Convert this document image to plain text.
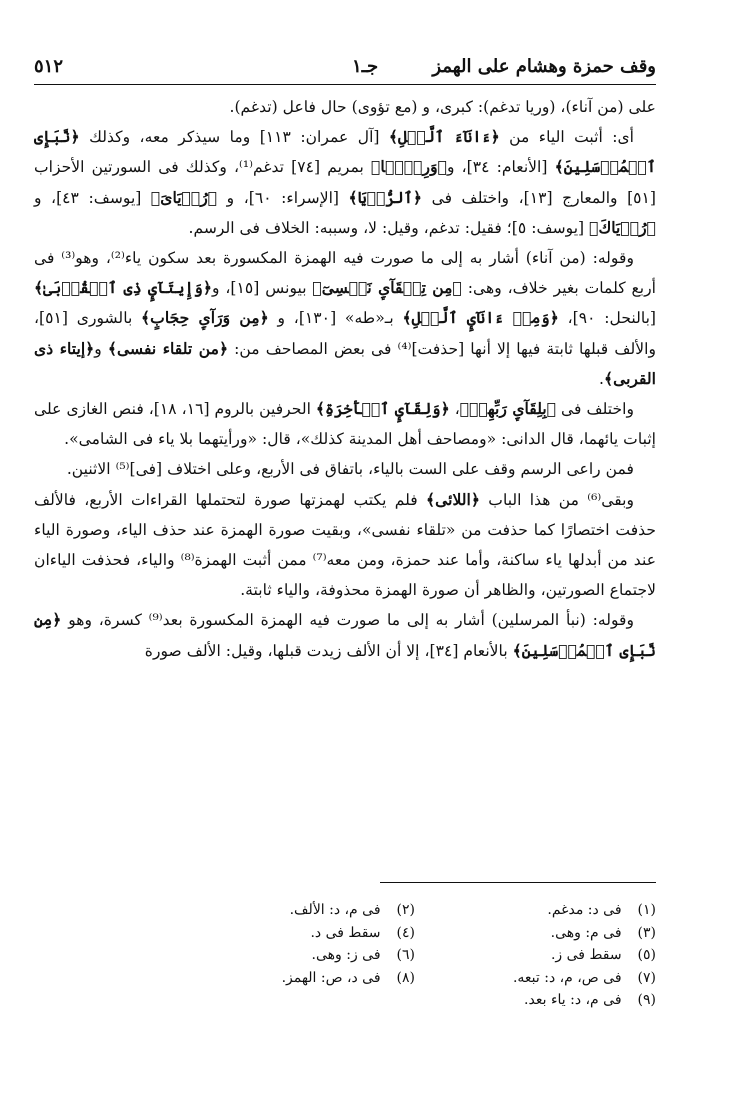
وقف حمزة وهشام على الهمز
جـ١
٥١٢

على (من آناء)، (وريا تدغم): كبرى، و (مع تؤوى) حال فاعل (تدغم).

أى: أثبت الياء من ﴿ءَانَآءَ ٱلَّيۡلِ﴾ [آل عمران: ١١٣] وما سيذكر معه، وكذلك ﴿نَّبَإِی ٱلۡمُرۡسَلِینَ﴾ [الأنعام: ٣٤]، و﴿وَرِءۡیࣰا﴾ بمريم [٧٤] تدغم⁽¹⁾، وكذلك فى السورتين الأحزاب [٥١] والمعارج [١٣]، واختلف فى ﴿ٱلرُّءۡیَا﴾ [الإسراء: ٦٠]، و ﴿رُءۡیَایَ﴾ [يوسف: ٤٣]، و ﴿رُءۡیَاكَ﴾ [يوسف: ٥]؛ فقيل: تدغم، وقيل: لا، وسببه: الخلاف فى الرسم.

وقوله: (من آناء) أشار به إلى ما صورت فيه الهمزة المكسورة بعد سكون ياء⁽²⁾، وهو⁽³⁾ فى أربع كلمات بغير خلاف، وهى: ﴿مِن تِلۡقَآیِٕ نَفۡسِیٓ﴾ بيونس [١٥]، و﴿وَإِیتَآیِٕ ذِی ٱلۡقُرۡبَىٰ﴾ [بالنحل: ٩٠]، ﴿وَمِنۡ ءَانَآیِٕ ٱلَّیۡلِ﴾ بـ«طه» [١٣٠]، و ﴿مِن وَرَآیِٕ حِجَابٍ﴾ بالشورى [٥١]، والألف قبلها ثابتة فيها إلا أنها [حذفت]⁽⁴⁾ فى بعض المصاحف من: ﴿من تلقاء نفسى﴾ و﴿إيتاء ذى القربى﴾.

واختلف فى ﴿بِلِقَآیِٕ رَبِّهِمۡ﴾، ﴿وَلِقَآیِٕ ٱلۡأَخِرَةِ﴾ الحرفين بالروم [١٦، ١٨]، فنص الغازى على إثبات يائهما، قال الدانى: «ومصاحف أهل المدينة كذلك»، قال: «ورأيتهما بلا ياء فى الشامى».

فمن راعى الرسم وقف على الست بالياء، باتفاق فى الأربع، وعلى اختلاف [فى]⁽⁵⁾ الاثنين.

وبقى⁽⁶⁾ من هذا الباب ﴿اللائى﴾ فلم يكتب لهمزتها صورة لتحتملها القراءات الأربع، فالألف حذفت اختصارًا كما حذفت من «تلقاء نفسى»، وبقيت صورة الهمزة عند حذف الياء، وصورة الياء عند من أبدلها ياء ساكنة، وأما عند حمزة، ومن معه⁽⁷⁾ ممن أثبت الهمزة⁽⁸⁾ والياء، فحذفت الياءان لاجتماع الصورتين، والظاهر أن صورة الهمزة محذوفة، والياء ثابتة.

وقوله: (نبأ المرسلين) أشار به إلى ما صورت فيه الهمزة المكسورة بعد⁽⁹⁾ كسرة، وهو ﴿مِن نَّبَإِی ٱلۡمُرۡسَلِینَ﴾ بالأنعام [٣٤]، إلا أن الألف زيدت قبلها، وقيل: الألف صورة

(١) فى د: مدغم.
(٢) فى م، د: الألف.
(٣) فى م: وهى.
(٤) سقط فى د.
(٥) سقط فى ز.
(٦) فى ز: وهى.
(٧) فى ص، م، د: تبعه.
(٨) فى د، ص: الهمز.
(٩) فى م، د: ياء بعد.
